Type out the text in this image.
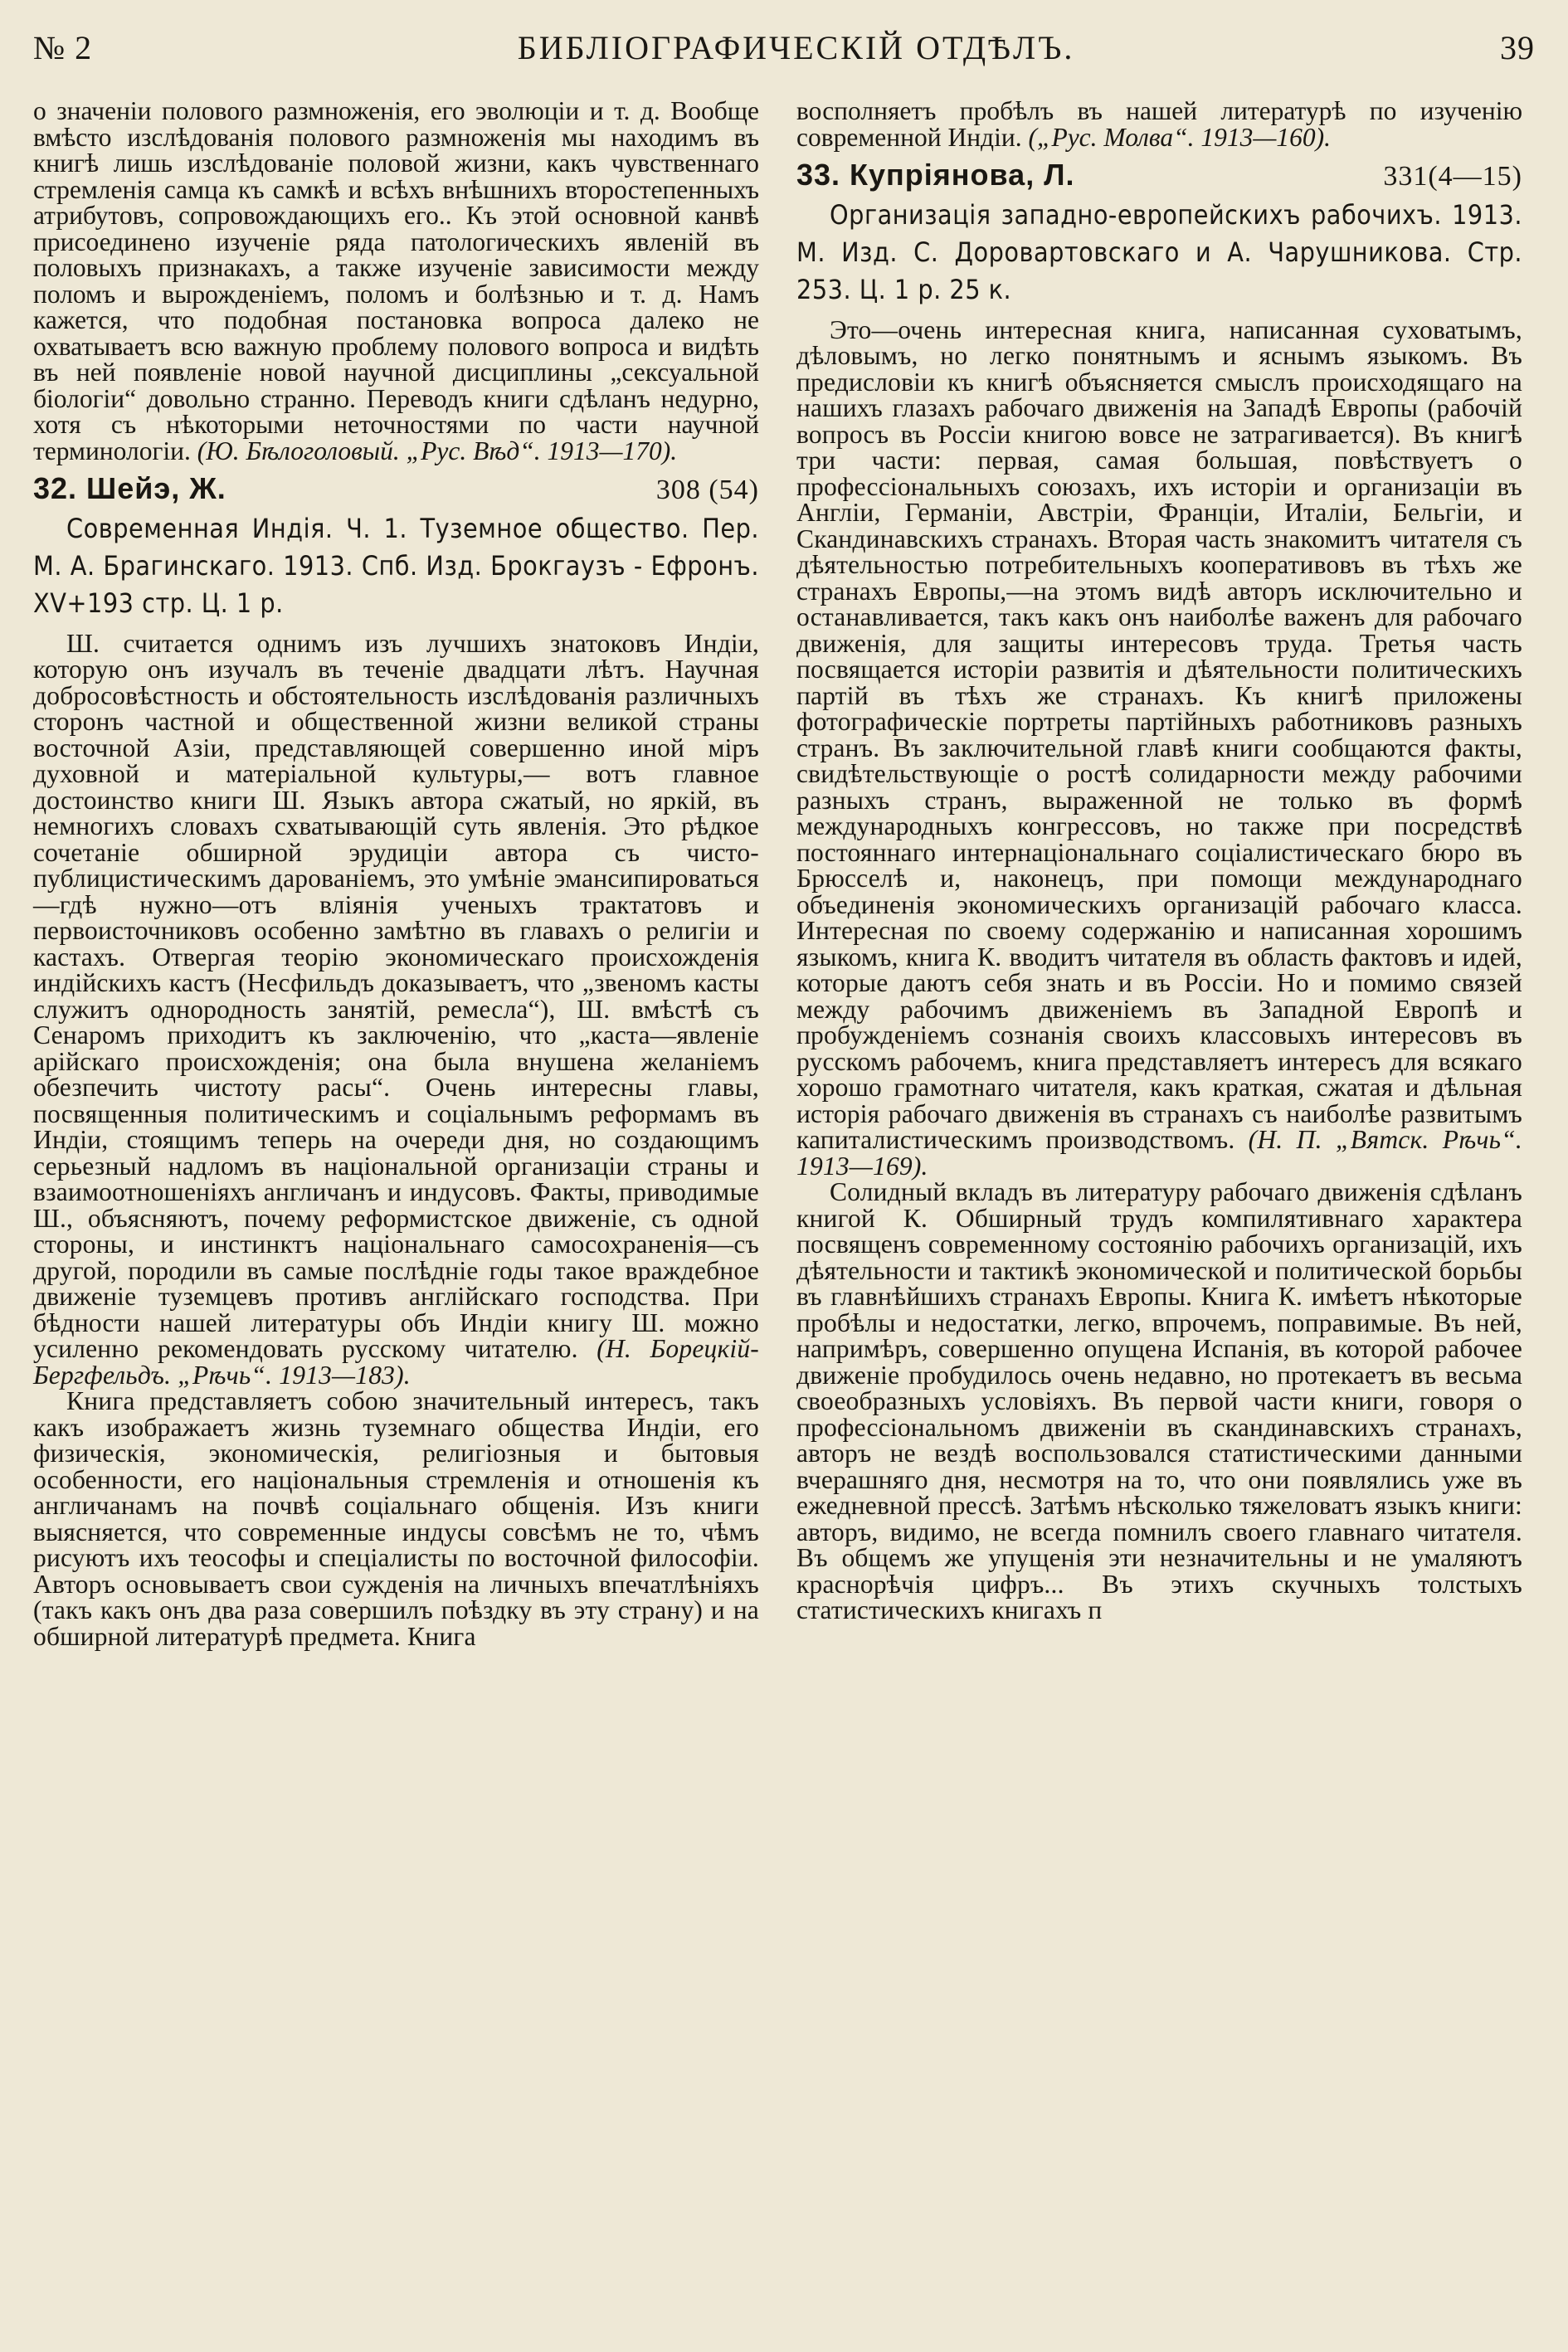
№ 2	БИБЛІОГРАФИЧЕСКІЙ ОТДѢЛЪ.	39

о значеніи полового размноженія, его эволюціи и т. д. Вообще вмѣсто изслѣдованія полового размноженія мы находимъ въ книгѣ лишь изслѣдованіе половой жизни, какъ чувственнаго стремленія самца къ самкѣ и всѣхъ внѣшнихъ второстепенныхъ атрибутовъ, сопровождающихъ его.. Къ этой основной канвѣ присоединено изученіе ряда патологическихъ явленій въ половыхъ признакахъ, а также изученіе зависимости между поломъ и вырожденіемъ, поломъ и болѣзнью и т. д. Намъ кажется, что подобная постановка вопроса далеко не охватываетъ всю важную проблему полового вопроса и видѣть въ ней появленіе новой научной дисциплины „сексуальной біологіи“ довольно странно. Переводъ книги сдѣланъ недурно, хотя съ нѣкоторыми неточностями по части научной терминологіи. (Ю. Бѣлоголовый. „Рус. Вѣд“. 1913—170).

32. Шейэ, Ж.	308 (54)
Современная Индія. Ч. 1. Туземное общество. Пер. М. А. Брагинскаго. 1913. Спб. Изд. Брокгаузъ - Ефронъ. XV+193 стр. Ц. 1 р.

Ш. считается однимъ изъ лучшихъ знатоковъ Индіи, которую онъ изучалъ въ теченіе двадцати лѣтъ. Научная добросовѣстность и обстоятельность изслѣдованія различныхъ сторонъ частной и общественной жизни великой страны восточной Азіи, представляющей совершенно иной міръ духовной и матеріальной культуры,— вотъ главное достоинство книги Ш. Языкъ автора сжатый, но яркій, въ немногихъ словахъ схватывающій суть явленія. Это рѣдкое сочетаніе обширной эрудиціи автора съ чисто-публицистическимъ дарованіемъ, это умѣніе эмансипироваться—гдѣ нужно—отъ вліянія ученыхъ трактатовъ и первоисточниковъ особенно замѣтно въ главахъ о религіи и кастахъ. Отвергая теорію экономическаго происхожденія индійскихъ кастъ (Несфильдъ доказываетъ, что „звеномъ касты служитъ однородность занятій, ремесла“), Ш. вмѣстѣ съ Сенаромъ приходитъ къ заключенію, что „каста—явленіе арійскаго происхожденія; она была внушена желаніемъ обезпечить чистоту расы“. Очень интересны главы, посвященныя политическимъ и соціальнымъ реформамъ въ Индіи, стоящимъ теперь на очереди дня, но создающимъ серьезный надломъ въ національной организаціи страны и взаимоотношеніяхъ англичанъ и индусовъ. Факты, приводимые Ш., объясняютъ, почему реформистское движеніе, съ одной стороны, и инстинктъ національнаго самосохраненія—съ другой, породили въ самые послѣдніе годы такое враждебное движеніе туземцевъ противъ англійскаго господства. При бѣдности нашей литературы объ Индіи книгу Ш. можно усиленно рекомендовать русскому читателю. (Н. Борецкій-Бергфельдъ. „Рѣчь“. 1913—183).

Книга представляетъ собою значительный интересъ, такъ какъ изображаетъ жизнь туземнаго общества Индіи, его физическія, экономическія, религіозныя и бытовыя особенности, его національныя стремленія и отношенія къ англичанамъ на почвѣ соціальнаго общенія. Изъ книги выясняется, что современные индусы совсѣмъ не то, чѣмъ рисуютъ ихъ теософы и спеціалисты по восточной философіи. Авторъ основываетъ свои сужденія на личныхъ впечатлѣніяхъ (такъ какъ онъ два раза совершилъ поѣздку въ эту страну) и на обширной литературѣ предмета. Книга

восполняетъ пробѣлъ въ нашей литературѣ по изученію современной Индіи. („Рус. Молва“. 1913—160).

33. Купріянова, Л.	331(4—15)
Организація западно-европейскихъ рабочихъ. 1913. М. Изд. С. Доровартовскаго и А. Чарушникова. Стр. 253. Ц. 1 р. 25 к.

Это—очень интересная книга, написанная суховатымъ, дѣловымъ, но легко понятнымъ и яснымъ языкомъ. Въ предисловіи къ книгѣ объясняется смыслъ происходящаго на нашихъ глазахъ рабочаго движенія на Западѣ Европы (рабочій вопросъ въ Россіи книгою вовсе не затрагивается). Въ книгѣ три части: первая, самая большая, повѣствуетъ о профессіональныхъ союзахъ, ихъ исторіи и организаціи въ Англіи, Германіи, Австріи, Франціи, Италіи, Бельгіи, и Скандинавскихъ странахъ. Вторая часть знакомитъ читателя съ дѣятельностью потребительныхъ кооперативовъ въ тѣхъ же странахъ Европы,—на этомъ видѣ авторъ исключительно и останавливается, такъ какъ онъ наиболѣе важенъ для рабочаго движенія, для защиты интересовъ труда. Третья часть посвящается исторіи развитія и дѣятельности политическихъ партій въ тѣхъ же странахъ. Къ книгѣ приложены фотографическіе портреты партійныхъ работниковъ разныхъ странъ. Въ заключительной главѣ книги сообщаются факты, свидѣтельствующіе о ростѣ солидарности между рабочими разныхъ странъ, выраженной не только въ формѣ международныхъ конгрессовъ, но также при посредствѣ постояннаго интернаціональнаго соціалистическаго бюро въ Брюсселѣ и, наконецъ, при помощи международнаго объединенія экономическихъ организацій рабочаго класса. Интересная по своему содержанію и написанная хорошимъ языкомъ, книга К. вводитъ читателя въ область фактовъ и идей, которые даютъ себя знать и въ Россіи. Но и помимо связей между рабочимъ движеніемъ въ Западной Европѣ и пробужденіемъ сознанія своихъ классовыхъ интересовъ въ русскомъ рабочемъ, книга представляетъ интересъ для всякаго хорошо грамотнаго читателя, какъ краткая, сжатая и дѣльная исторія рабочаго движенія въ странахъ съ наиболѣе развитымъ капиталистическимъ производствомъ. (Н. П. „Вятск. Рѣчь“. 1913—169).

Солидный вкладъ въ литературу рабочаго движенія сдѣланъ книгой К. Обширный трудъ компилятивнаго характера посвященъ современному состоянію рабочихъ организацій, ихъ дѣятельности и тактикѣ экономической и политической борьбы въ главнѣйшихъ странахъ Европы. Книга К. имѣетъ нѣкоторые пробѣлы и недостатки, легко, впрочемъ, поправимые. Въ ней, напримѣръ, совершенно опущена Испанія, въ которой рабочее движеніе пробудилось очень недавно, но протекаетъ въ весьма своеобразныхъ условіяхъ. Въ первой части книги, говоря о профессіональномъ движеніи въ скандинавскихъ странахъ, авторъ не вездѣ воспользовался статистическими данными вчерашняго дня, несмотря на то, что они появлялись уже въ ежедневной прессѣ. Затѣмъ нѣсколько тяжеловатъ языкъ книги: авторъ, видимо, не всегда помнилъ своего главнаго читателя. Въ общемъ же упущенія эти незначительны и не умаляютъ краснорѣчія цифръ... Въ этихъ скучныхъ толстыхъ статистическихъ книгахъ п
